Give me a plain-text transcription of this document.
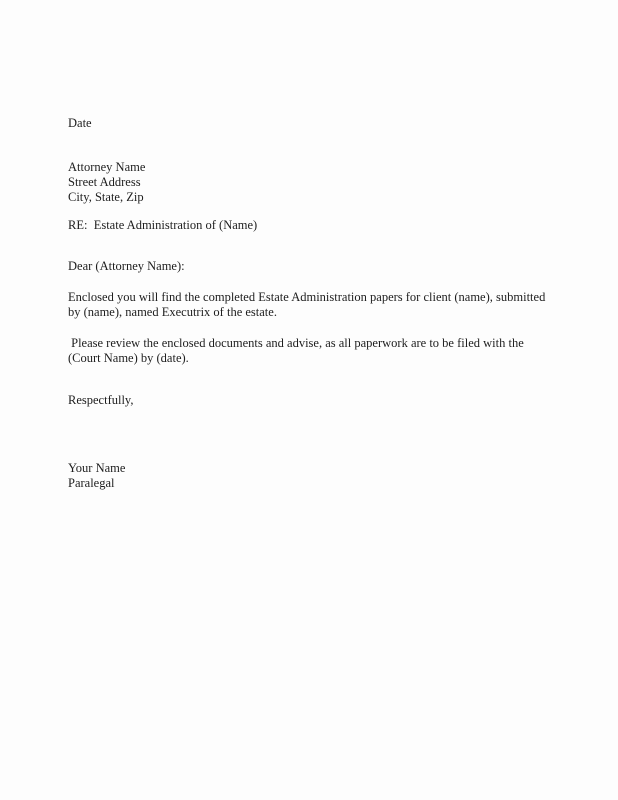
Date
Attorney Name
Street Address
City, State, Zip
RE:  Estate Administration of (Name)
Dear (Attorney Name):
Enclosed you will find the completed Estate Administration papers for client (name), submitted
by (name), named Executrix of the estate.
Please review the enclosed documents and advise, as all paperwork are to be filed with the
(Court Name) by (date).
Respectfully,
Your Name
Paralegal
